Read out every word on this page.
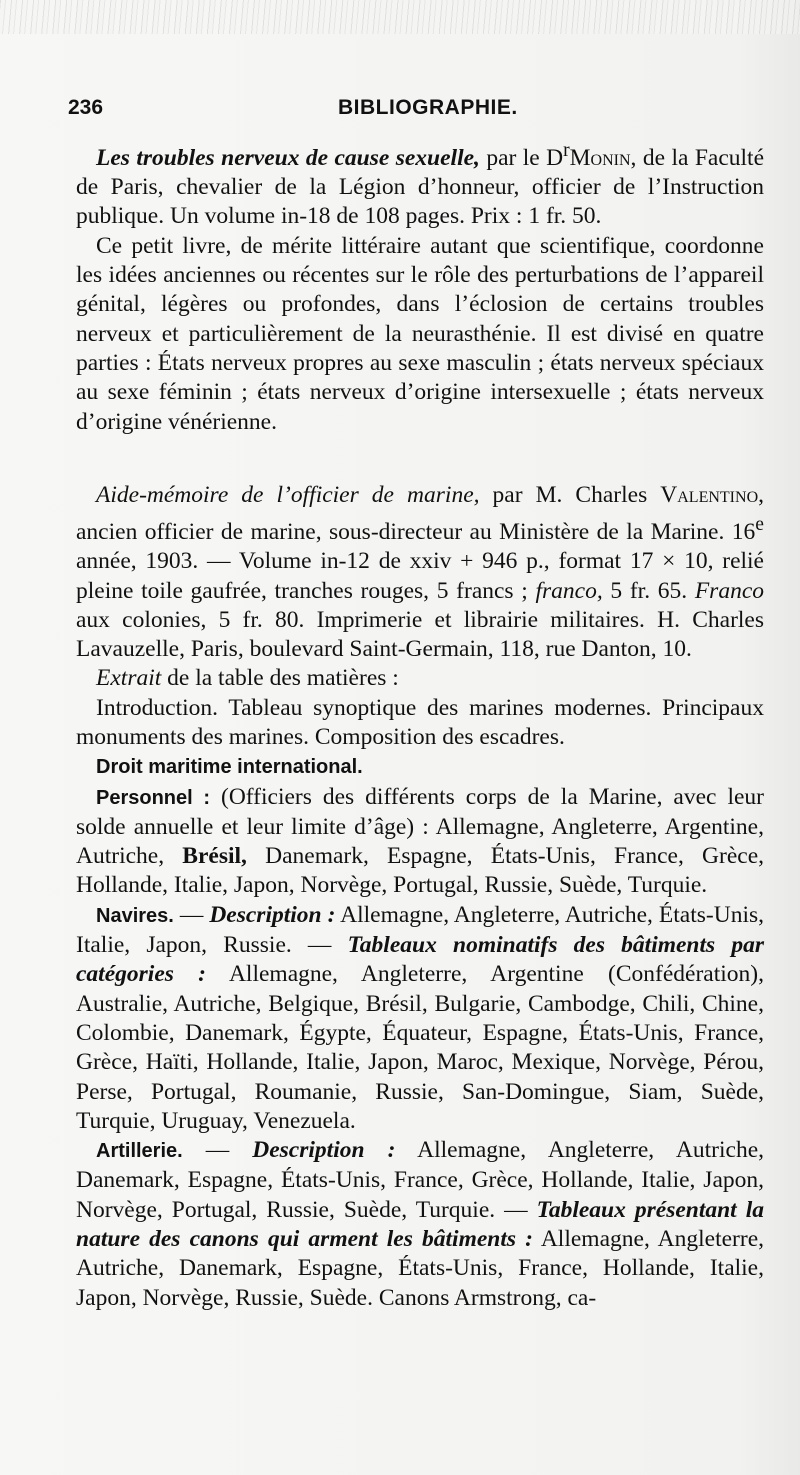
236	BIBLIOGRAPHIE.

Les troubles nerveux de cause sexuelle, par le $D^rMonin$, de la Faculté de Paris, chevalier de la Légion d’honneur, officier de l’Instruction publique. Un volume in-18 de 108 pages. Prix : 1 fr. 50.

Ce petit livre, de mérite littéraire autant que scientifique, coordonne les idées anciennes ou récentes sur le rôle des perturbations de l’appareil génital, légères ou profondes, dans l’éclosion de certains troubles nerveux et particulièrement de la neurasthénie. Il est divisé en quatre parties : États nerveux propres au sexe masculin ; états nerveux spéciaux au sexe féminin ; états nerveux d’origine intersexuelle ; états nerveux d’origine vénérienne.

Aide-mémoire de l’officier de marine, par M. Charles Valentino, ancien officier de marine, sous-directeur au Ministère de la Marine. 16e année, 1903. — Volume in-12 de xxiv + 946 p., format 17 × 10, relié pleine toile gaufrée, tranches rouges, 5 francs ; franco, 5 fr. 65. Franco aux colonies, 5 fr. 80. Imprimerie et librairie militaires. H. Charles Lavauzelle, Paris, boulevard Saint-Germain, 118, rue Danton, 10.

Extrait de la table des matières :

Introduction. Tableau synoptique des marines modernes. Principaux monuments des marines. Composition des escadres.

Droit maritime international.

Personnel : (Officiers des différents corps de la Marine, avec leur solde annuelle et leur limite d’âge) : Allemagne, Angleterre, Argentine, Autriche, Brésil, Danemark, Espagne, États-Unis, France, Grèce, Hollande, Italie, Japon, Norvège, Portugal, Russie, Suède, Turquie.

Navires. — Description : Allemagne, Angleterre, Autriche, États-Unis, Italie, Japon, Russie. — Tableaux nominatifs des bâtiments par catégories : Allemagne, Angleterre, Argentine (Confédération), Australie, Autriche, Belgique, Brésil, Bulgarie, Cambodge, Chili, Chine, Colombie, Danemark, Égypte, Équateur, Espagne, États-Unis, France, Grèce, Haïti, Hollande, Italie, Japon, Maroc, Mexique, Norvège, Pérou, Perse, Portugal, Roumanie, Russie, San-Domingue, Siam, Suède, Turquie, Uruguay, Venezuela.

Artillerie. — Description : Allemagne, Angleterre, Autriche, Danemark, Espagne, États-Unis, France, Grèce, Hollande, Italie, Japon, Norvège, Portugal, Russie, Suède, Turquie. — Tableaux présentant la nature des canons qui arment les bâtiments : Allemagne, Angleterre, Autriche, Danemark, Espagne, États-Unis, France, Hollande, Italie, Japon, Norvège, Russie, Suède. Canons Armstrong, ca-
